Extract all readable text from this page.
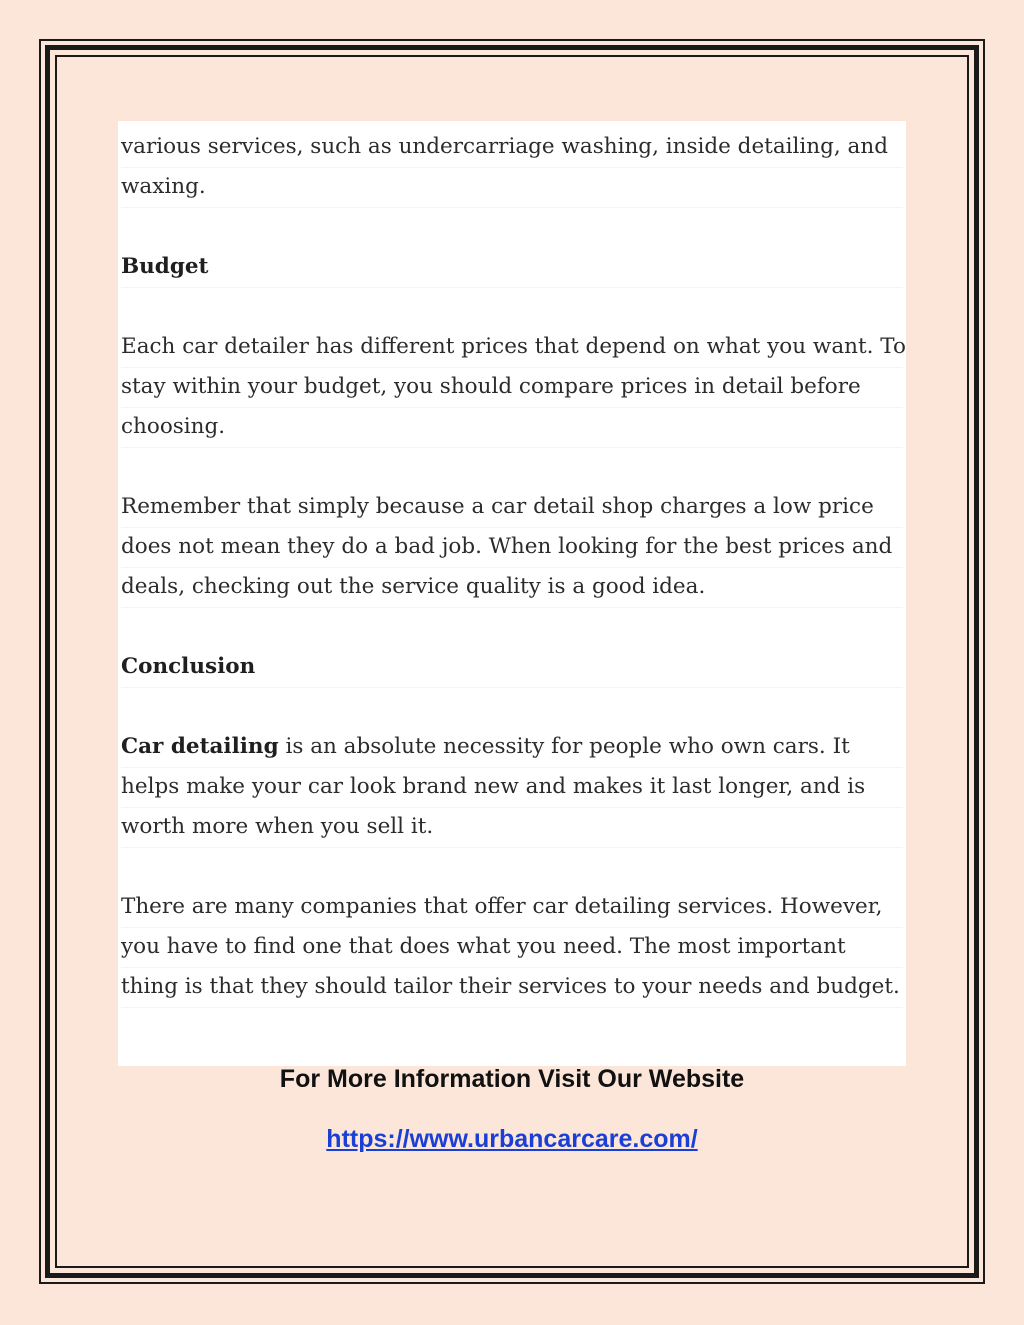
various services, such as undercarriage washing, inside detailing, and
waxing.
Budget
Each car detailer has different prices that depend on what you want. To
stay within your budget, you should compare prices in detail before
choosing.
Remember that simply because a car detail shop charges a low price
does not mean they do a bad job. When looking for the best prices and
deals, checking out the service quality is a good idea.
Conclusion
Car detailing is an absolute necessity for people who own cars. It
helps make your car look brand new and makes it last longer, and is
worth more when you sell it.
There are many companies that offer car detailing services. However,
you have to find one that does what you need. The most important
thing is that they should tailor their services to your needs and budget.
For More Information Visit Our Website
https://www.urbancarcare.com/
